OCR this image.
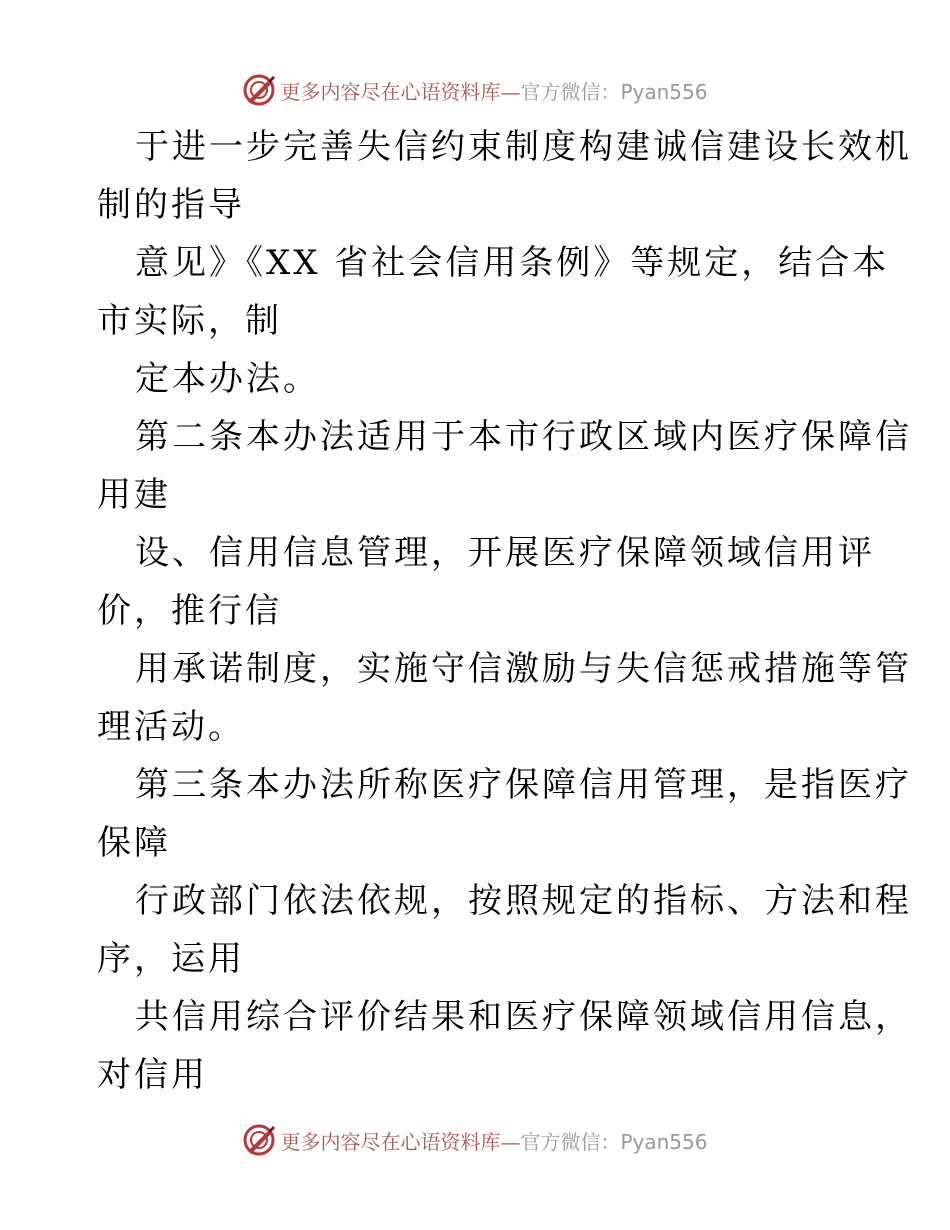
更多内容尽在心语资料库—官方微信：Pyan556

于进一步完善失信约束制度构建诚信建设长效机
制的指导

意见》《XX 省社会信用条例》等规定，结合本
市实际，制

定本办法。

第二条本办法适用于本市行政区域内医疗保障信
用建

设、信用信息管理，开展医疗保障领域信用评
价，推行信

用承诺制度，实施守信激励与失信惩戒措施等管
理活动。

第三条本办法所称医疗保障信用管理，是指医疗
保障

行政部门依法依规，按照规定的指标、方法和程
序，运用

共信用综合评价结果和医疗保障领域信用信息，
对信用

更多内容尽在心语资料库—官方微信：Pyan556
